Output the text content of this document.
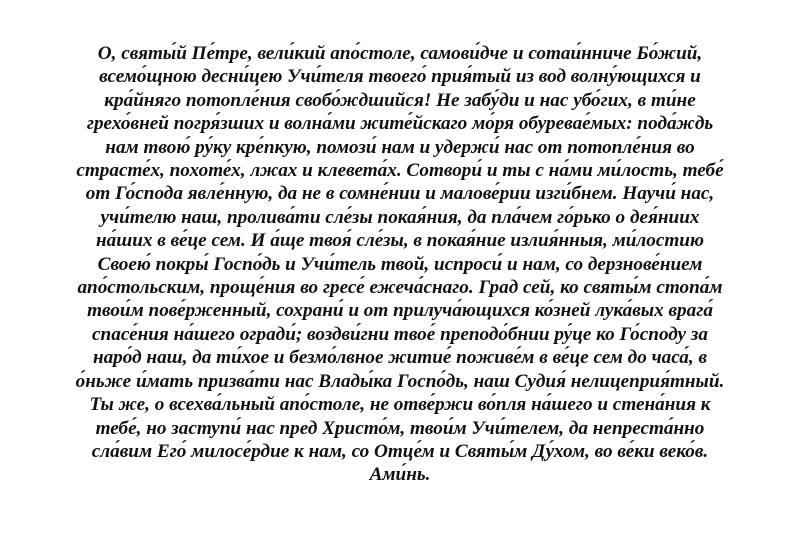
О, святы́й Пе́тре, вели́кий апо́столе, самови́дче и сотаи́нниче Бо́жий,
всемо́щною десни́цею Учи́теля твоего́ прия́тый из вод волну́ющихся и
кра́йняго потопле́ния свобо́ждшийся! Не забу́ди и нас убо́гих, в ти́не
грехо́вней погря́зших и волна́ми жите́йскаго мо́ря обуревае́мых: пода́ждь
нам твою́ ру́ку кре́пкую, помози́ нам и удержи́ нас от потопле́ния во
страсте́х, похоте́х, лжах и клевета́х. Сотвори́ и ты с на́ми ми́лость, тебе́
от Го́спода явле́нную, да не в сомне́нии и малове́рии изги́бнем. Научи́ нас,
учи́телю наш, пролива́ти сле́зы покая́ния, да пла́чем го́рько о дея́ниих
на́ших в ве́це сем. И а́ще твоя́ сле́зы, в покая́ние излия́нныя, ми́лостию
Своею́ покры́ Госпо́дь и Учи́тель твой, испроси́ и нам, со дерзнове́нием
апо́стольским, проще́ния во гресе́ ежеча́снаго. Град сей, ко святы́м стопа́м
твои́м пове́рженный, сохрани́ и от прилуча́ющихся ко́зней лука́вых врага́
спасе́ния на́шего огради́; воздви́гни твое́ преподо́бнии ру́це ко Го́споду за
наро́д наш, да ти́хое и безмо́лвное житие́ поживе́м в ве́це сем до часа́, в
о́ньже и́мать призва́ти нас Влады́ка Госпо́дь, наш Судия́ нелицеприя́тный.
Ты же, о всехва́льный апо́столе, не отве́ржи во́пля на́шего и стена́ния к
тебе́, но заступи́ нас пред Христо́м, твои́м Учи́телем, да непреста́нно
сла́вим Его́ милосе́рдие к нам, со Отце́м и Святы́м Ду́хом, во ве́ки веко́в.
Ами́нь.
